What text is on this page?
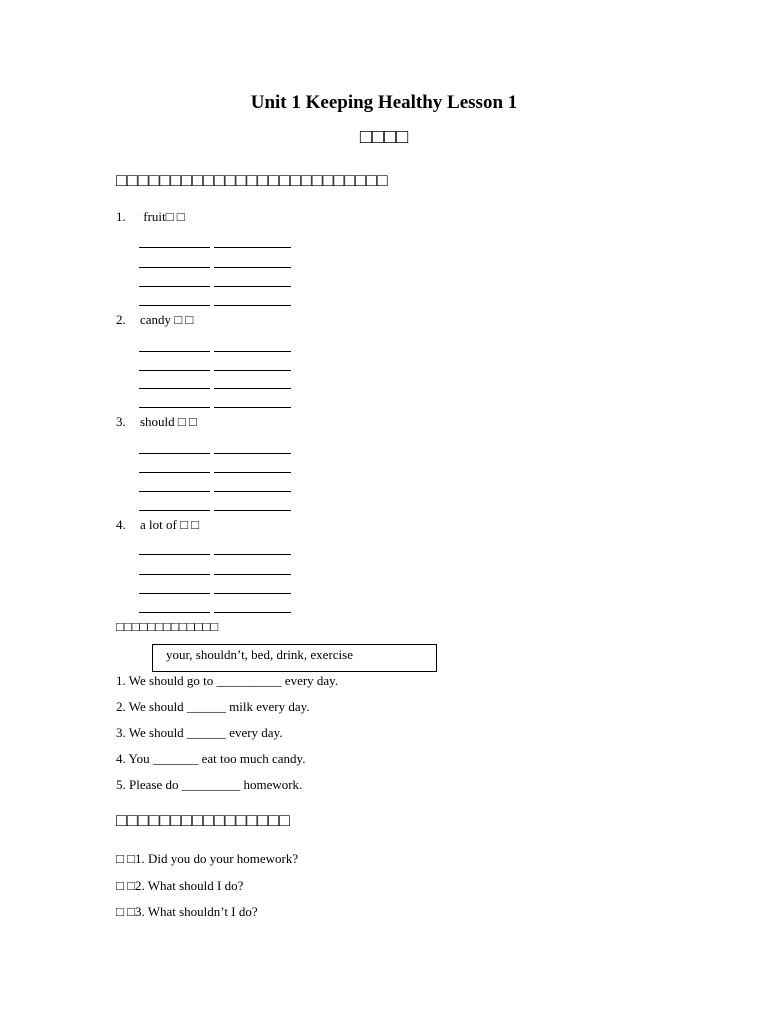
Unit 1 Keeping Healthy Lesson 1
□□□□
□□□□□□□□□□□□□□□□□□□□□□□□□
1. fruit□ □
2. candy □ □
3. should □ □
4. a lot of □ □
□□□□□□□□□□□□□
your, shouldn’t, bed, drink, exercise
1. We should go to __________ every day.
2. We should ______ milk every day.
3. We should ______ every day.
4. You _______ eat too much candy.
5. Please do _________ homework.
□□□□□□□□□□□□□□□□
□ □1. Did you do your homework?
□ □2. What should I do?
□ □3. What shouldn’t I do?
